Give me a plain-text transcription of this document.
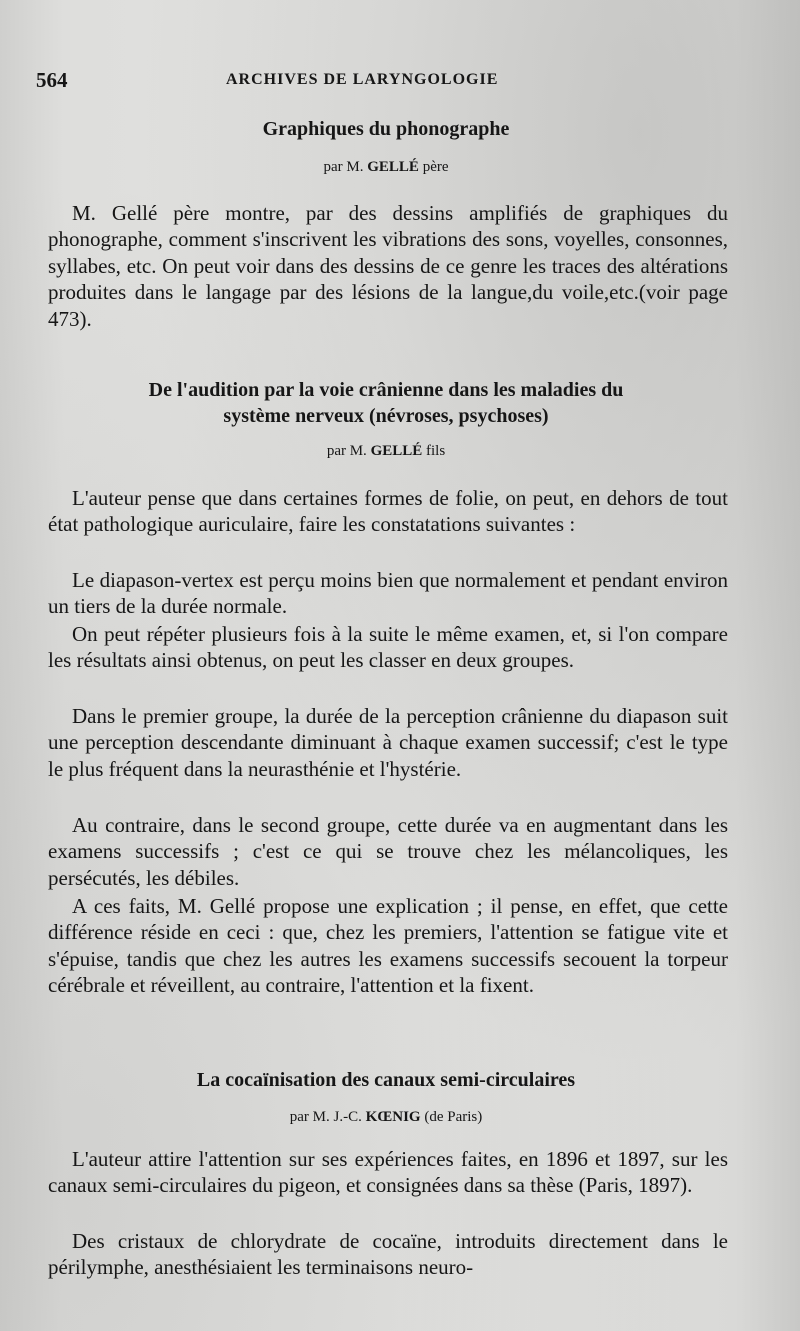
564	ARCHIVES DE LARYNGOLOGIE
Graphiques du phonographe
par M. GELLÉ père

M. Gellé père montre, par des dessins amplifiés de graphiques du phonographe, comment s'inscrivent les vibrations des sons, voyelles, consonnes, syllabes, etc. On peut voir dans des dessins de ce genre les traces des altérations produites dans le langage par des lésions de la langue,du voile,etc.(voir page 473).

De l'audition par la voie crânienne dans les maladies du
système nerveux (névroses, psychoses)
par M. GELLÉ fils

L'auteur pense que dans certaines formes de folie, on peut, en dehors de tout état pathologique auriculaire, faire les constatations suivantes :

Le diapason-vertex est perçu moins bien que normalement et pendant environ un tiers de la durée normale.

On peut répéter plusieurs fois à la suite le même examen, et, si l'on compare les résultats ainsi obtenus, on peut les classer en deux groupes.

Dans le premier groupe, la durée de la perception crânienne du diapason suit une perception descendante diminuant à chaque examen successif; c'est le type le plus fréquent dans la neurasthénie et l'hystérie.

Au contraire, dans le second groupe, cette durée va en augmentant dans les examens successifs ; c'est ce qui se trouve chez les mélancoliques, les persécutés, les débiles.

A ces faits, M. Gellé propose une explication ; il pense, en effet, que cette différence réside en ceci : que, chez les premiers, l'attention se fatigue vite et s'épuise, tandis que chez les autres les examens successifs secouent la torpeur cérébrale et réveillent, au contraire, l'attention et la fixent.

La cocaïnisation des canaux semi-circulaires
par M. J.-C. KŒNIG (de Paris)

L'auteur attire l'attention sur ses expériences faites, en 1896 et 1897, sur les canaux semi-circulaires du pigeon, et consignées dans sa thèse (Paris, 1897).

Des cristaux de chlorydrate de cocaïne, introduits directement dans le périlymphe, anesthésiaient les terminaisons neuro-
